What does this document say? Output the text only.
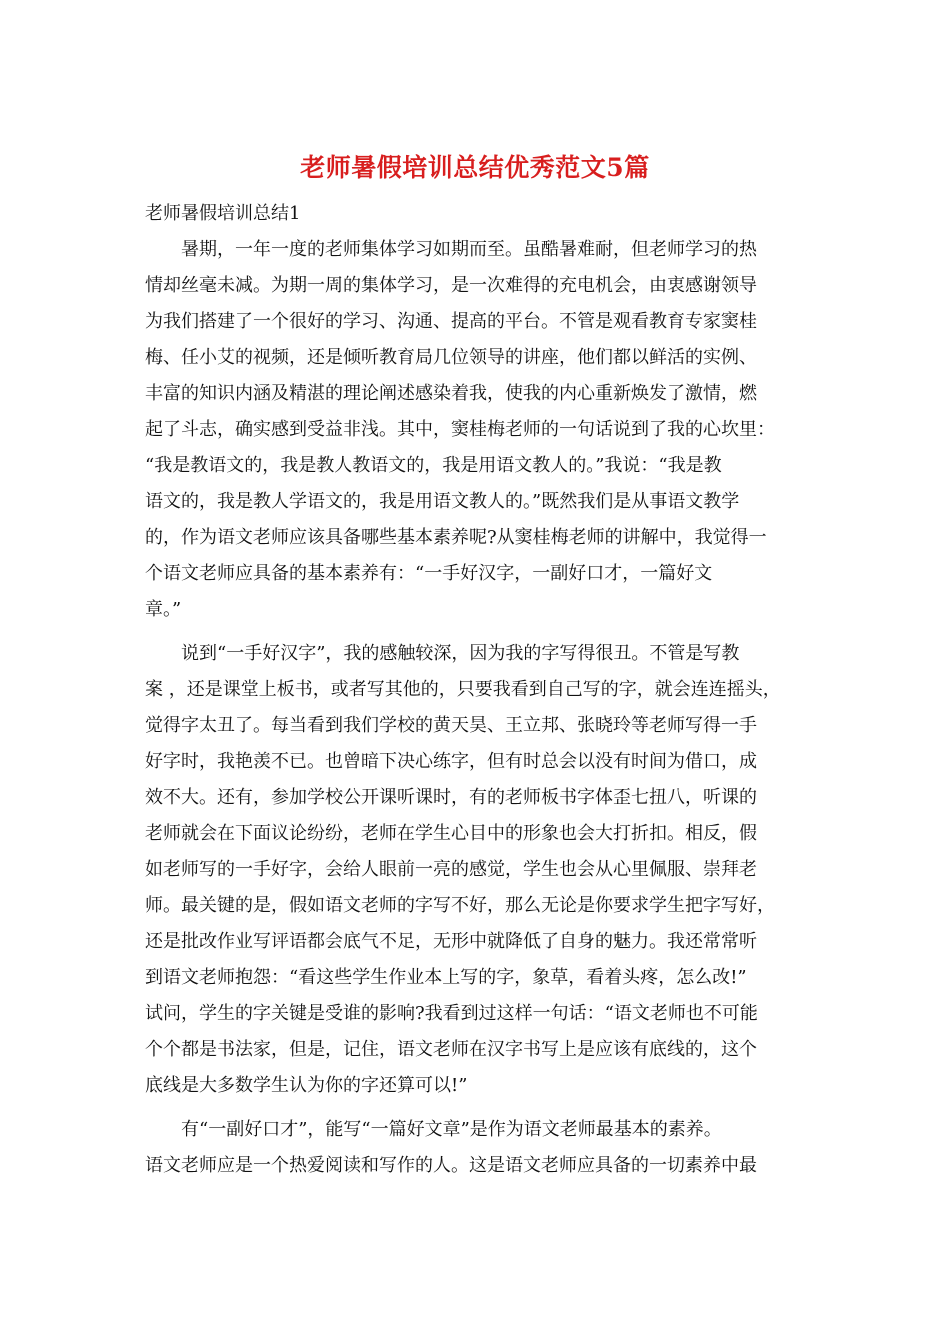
老师暑假培训总结优秀范文5篇
老师暑假培训总结1
暑期，一年一度的老师集体学习如期而至。虽酷暑难耐，但老师学习的热
情却丝毫未减。为期一周的集体学习，是一次难得的充电机会，由衷感谢领导
为我们搭建了一个很好的学习、沟通、提高的平台。不管是观看教育专家窦桂
梅、任小艾的视频，还是倾听教育局几位领导的讲座，他们都以鲜活的实例、
丰富的知识内涵及精湛的理论阐述感染着我，使我的内心重新焕发了激情，燃
起了斗志，确实感到受益非浅。其中，窦桂梅老师的一句话说到了我的心坎里：
“我是教语文的，我是教人教语文的，我是用语文教人的。”我说：“我是教
语文的，我是教人学语文的，我是用语文教人的。”既然我们是从事语文教学
的，作为语文老师应该具备哪些基本素养呢?从窦桂梅老师的讲解中，我觉得一
个语文老师应具备的基本素养有：“一手好汉字，一副好口才，一篇好文
章。”
说到“一手好汉字”，我的感触较深，因为我的字写得很丑。不管是写教
案 ，还是课堂上板书，或者写其他的，只要我看到自己写的字，就会连连摇头，
觉得字太丑了。每当看到我们学校的黄天昊、王立邦、张晓玲等老师写得一手
好字时，我艳羡不已。也曾暗下决心练字，但有时总会以没有时间为借口，成
效不大。还有，参加学校公开课听课时，有的老师板书字体歪七扭八，听课的
老师就会在下面议论纷纷，老师在学生心目中的形象也会大打折扣。相反，假
如老师写的一手好字，会给人眼前一亮的感觉，学生也会从心里佩服、崇拜老
师。最关键的是，假如语文老师的字写不好，那么无论是你要求学生把字写好，
还是批改作业写评语都会底气不足，无形中就降低了自身的魅力。我还常常听
到语文老师抱怨：“看这些学生作业本上写的字，象草，看着头疼，怎么改!”
试问，学生的字关键是受谁的影响?我看到过这样一句话：“语文老师也不可能
个个都是书法家，但是，记住，语文老师在汉字书写上是应该有底线的，这个
底线是大多数学生认为你的字还算可以!”
有“一副好口才”，能写“一篇好文章”是作为语文老师最基本的素养。
语文老师应是一个热爱阅读和写作的人。这是语文老师应具备的一切素养中最
